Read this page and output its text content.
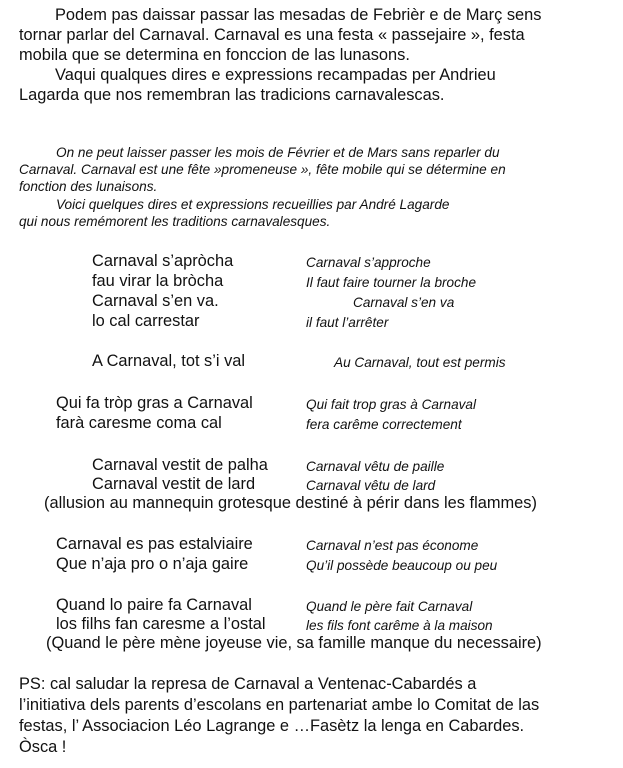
Podem pas daissar passar las mesadas de Febrièr e de Març sens
tornar parlar del Carnaval. Carnaval es una festa « passejaire », festa
mobila que se determina en fonccion de las lunasons.
Vaqui qualques dires e expressions recampadas per Andrieu
Lagarda que nos remembran las tradicions carnavalescas.
On ne peut laisser passer les mois de Février et de Mars sans reparler du
Carnaval. Carnaval est une fête »promeneuse », fête mobile qui se détermine en
fonction des lunaisons.
Voici quelques dires et expressions recueillies par André Lagarde
qui nous remémorent les traditions carnavalesques.
Carnaval s’apròcha	Carnaval s’approche
fau virar la bròcha	Il faut faire tourner la broche
Carnaval s’en va.	Carnaval s’en va
lo cal carrestar	il faut l’arrêter
A Carnaval, tot s’i val	Au Carnaval, tout est permis
Qui fa tròp gras a Carnaval	Qui fait trop gras à Carnaval
farà caresme coma cal	fera carême correctement
Carnaval vestit de palha	Carnaval vêtu de paille
Carnaval vestit de lard	Carnaval vêtu de lard
(allusion au mannequin grotesque destiné à périr dans les flammes)
Carnaval es pas estalviaire	Carnaval n’est pas économe
Que n’aja pro o n’aja gaire	Qu’il possède beaucoup ou peu
Quand lo paire fa Carnaval	Quand le père fait Carnaval
los filhs fan caresme a l’ostal	les fils font carême à la maison
(Quand le père mène joyeuse vie, sa famille manque du necessaire)
PS: cal saludar la represa de Carnaval a Ventenac-Cabardés a
l’initiativa dels parents d’escolans en partenariat ambe lo Comitat de las
festas, l’ Associacion Léo Lagrange e …Fasètz la lenga en Cabardes.
Òsca !
